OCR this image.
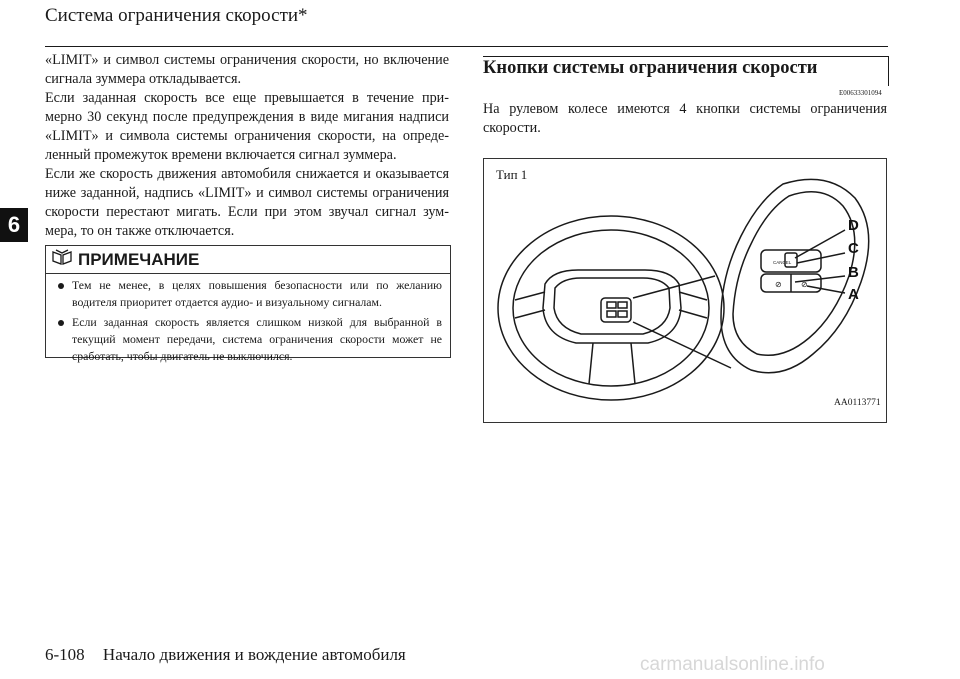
Система ограничения скорости*
6

«LIMIT» и символ системы ограничения скорости, но включение сигнала зуммера откладывается.

Если заданная скорость все еще превышается в течение при-мерно 30 секунд после предупреждения в виде мигания надписи «LIMIT» и символа системы ограничения скорости, на опреде-ленный промежуток времени включается сигнал зуммера.

Если же скорость движения автомобиля снижается и оказывается ниже заданной, надпись «LIMIT» и символ системы ограничения скорости перестают мигать. Если при этом звучал сигнал зум-мера, то он также отключается.

ПРИМЕЧАНИЕ
Тем не менее, в целях повышения безопасности или по желанию водителя приоритет отдается аудио- и визуальному сигналам.
Если заданная скорость является слишком низкой для выбранной в текущий момент передачи, система ограничения скорости может не сработать, чтобы двигатель не выключился.
Кнопки системы ограничения скорости
E00633301094
На рулевом колесе имеются 4 кнопки системы ограничения скорости.
CANCEL
⊘ ⊘
D
C
B
A
Тип 1
AA0113771
6-108 Начало движения и вождение автомобиля	carmanualsonline.info
